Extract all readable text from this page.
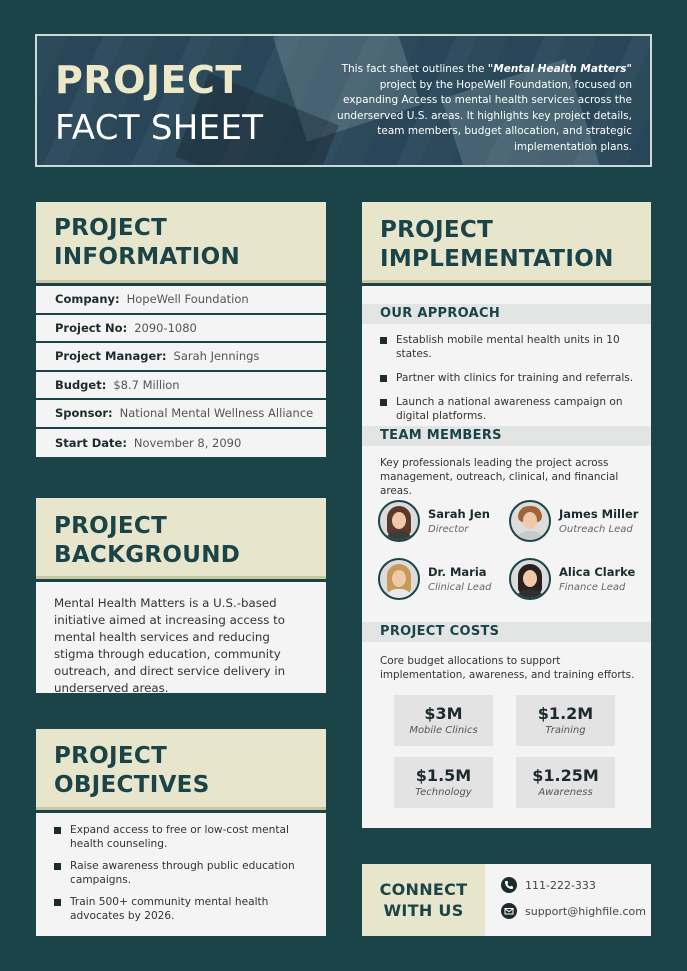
PROJECT
FACT SHEET
This fact sheet outlines the "Mental Health Matters" project by the HopeWell Foundation, focused on expanding Access to mental health services across the underserved U.S. areas. It highlights key project details, team members, budget allocation, and strategic implementation plans.
PROJECT
INFORMATION
Company: HopeWell Foundation
Project No: 2090-1080
Project Manager: Sarah Jennings
Budget: $8.7 Million
Sponsor: National Mental Wellness Alliance
Start Date: November 8, 2090
PROJECT
BACKGROUND
Mental Health Matters is a U.S.-based initiative aimed at increasing access to mental health services and reducing stigma through education, community outreach, and direct service delivery in underserved areas.
PROJECT
OBJECTIVES
Expand access to free or low-cost mental health counseling.
Raise awareness through public education campaigns.
Train 500+ community mental health advocates by 2026.
PROJECT
IMPLEMENTATION
OUR APPROACH
Establish mobile mental health units in 10 states.
Partner with clinics for training and referrals.
Launch a national awareness campaign on digital platforms.
TEAM MEMBERS
Key professionals leading the project across management, outreach, clinical, and financial areas.
Sarah Jen
Director
James Miller
Outreach Lead
Dr. Maria
Clinical Lead
Alica Clarke
Finance Lead
PROJECT COSTS
Core budget allocations to support implementation, awareness, and training efforts.
$3M
Mobile Clinics
$1.2M
Training
$1.5M
Technology
$1.25M
Awareness
CONNECT
WITH US
111-222-333
support@highfile.com
